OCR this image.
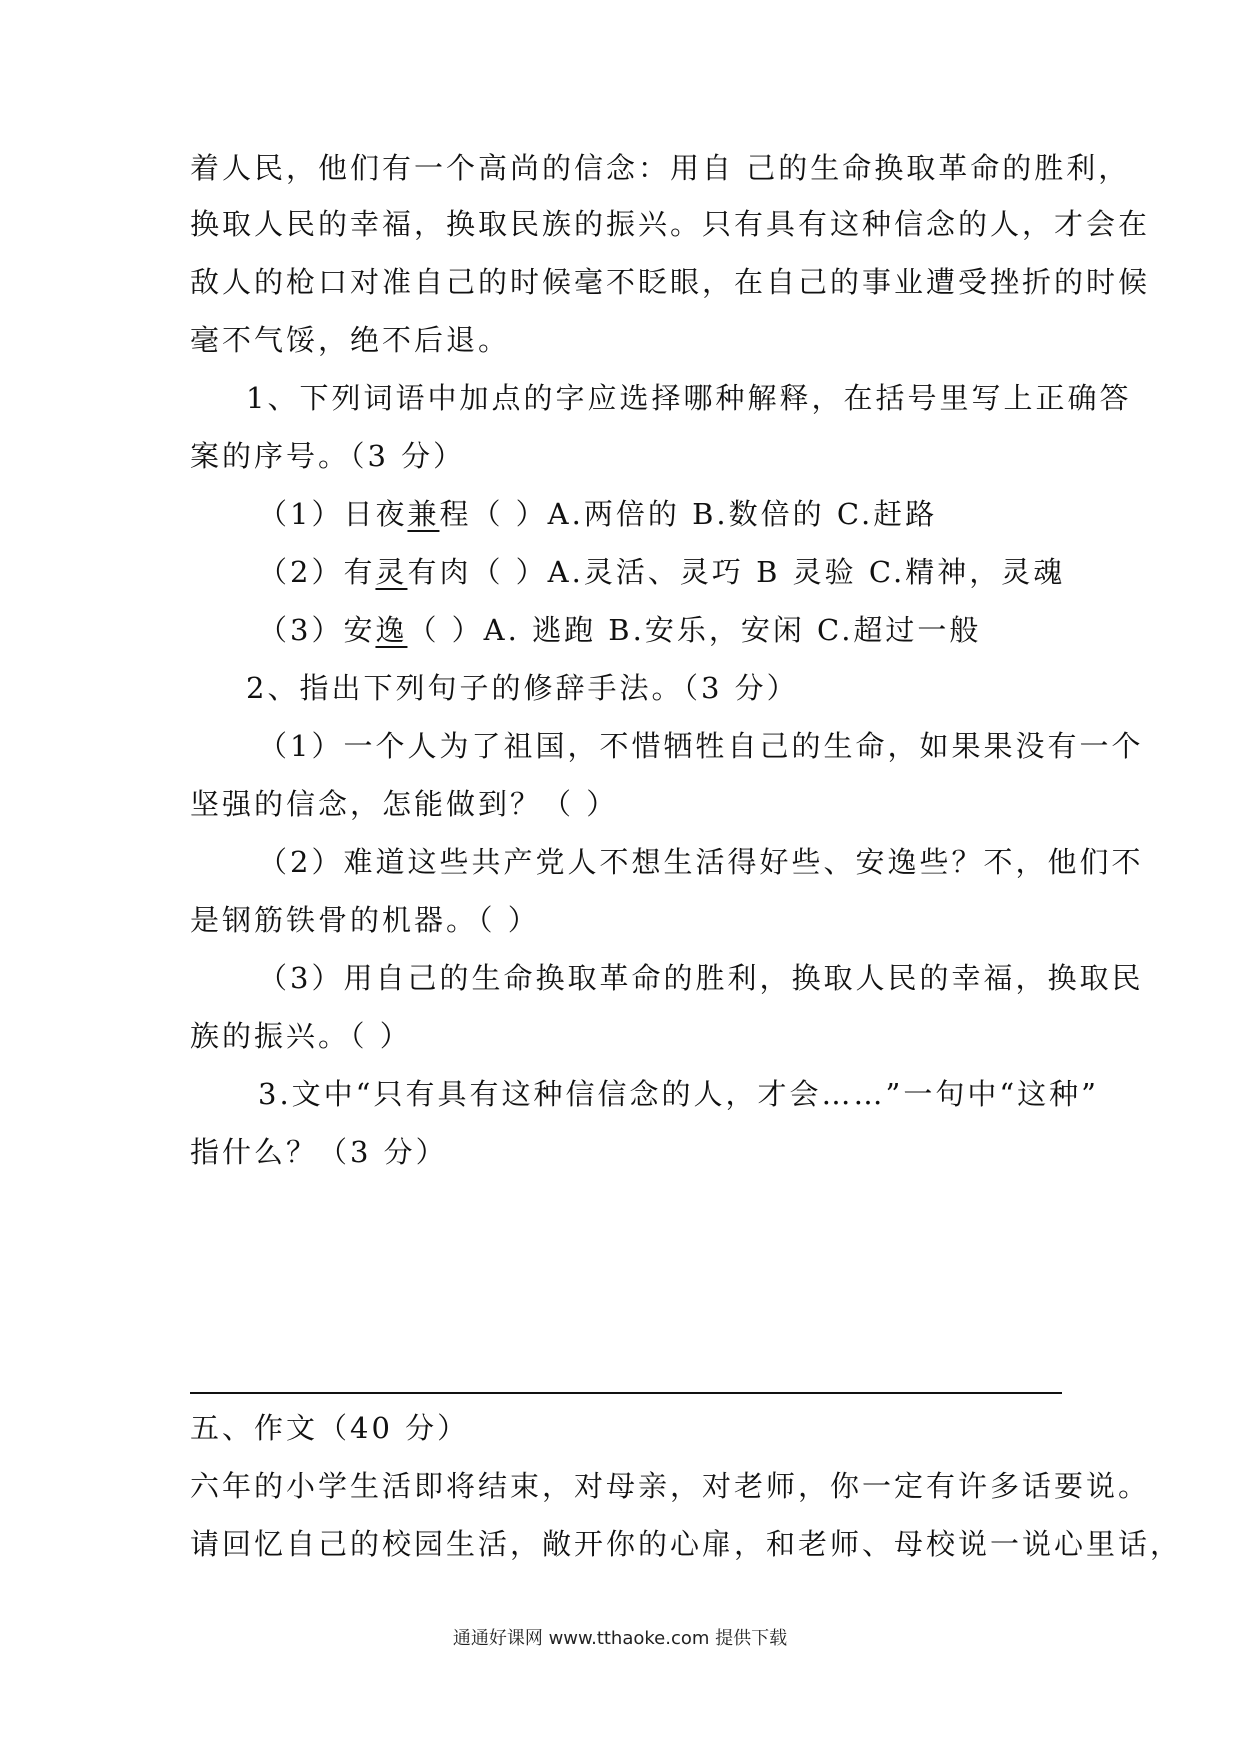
着人民，他们有一个高尚的信念：用自 己的生命换取革命的胜利，
换取人民的幸福，换取民族的振兴。只有具有这种信念的人，才会在
敌人的枪口对准自己的时候毫不眨眼，在自己的事业遭受挫折的时候
毫不气馁，绝不后退。
1、下列词语中加点的字应选择哪种解释，在括号里写上正确答
案的序号。（3 分）
（1）日夜兼程（ ）A.两倍的 B.数倍的 C.赶路
（2）有灵有肉（ ）A.灵活、灵巧 B 灵验 C.精神，灵魂
（3）安逸（ ）A. 逃跑 B.安乐，安闲 C.超过一般
2、指出下列句子的修辞手法。（3 分）
（1）一个人为了祖国，不惜牺牲自己的生命，如果果没有一个
坚强的信念，怎能做到？（ ）
（2）难道这些共产党人不想生活得好些、安逸些？不，他们不
是钢筋铁骨的机器。（ ）
（3）用自己的生命换取革命的胜利，换取人民的幸福，换取民
族的振兴。（ ）
3.文中“只有具有这种信信念的人，才会……”一句中“这种”
指什么？（3 分）
五、作文（40 分）
六年的小学生活即将结束，对母亲，对老师，你一定有许多话要说。
请回忆自己的校园生活，敞开你的心扉，和老师、母校说一说心里话，
通通好课网 www.tthaoke.com 提供下载
